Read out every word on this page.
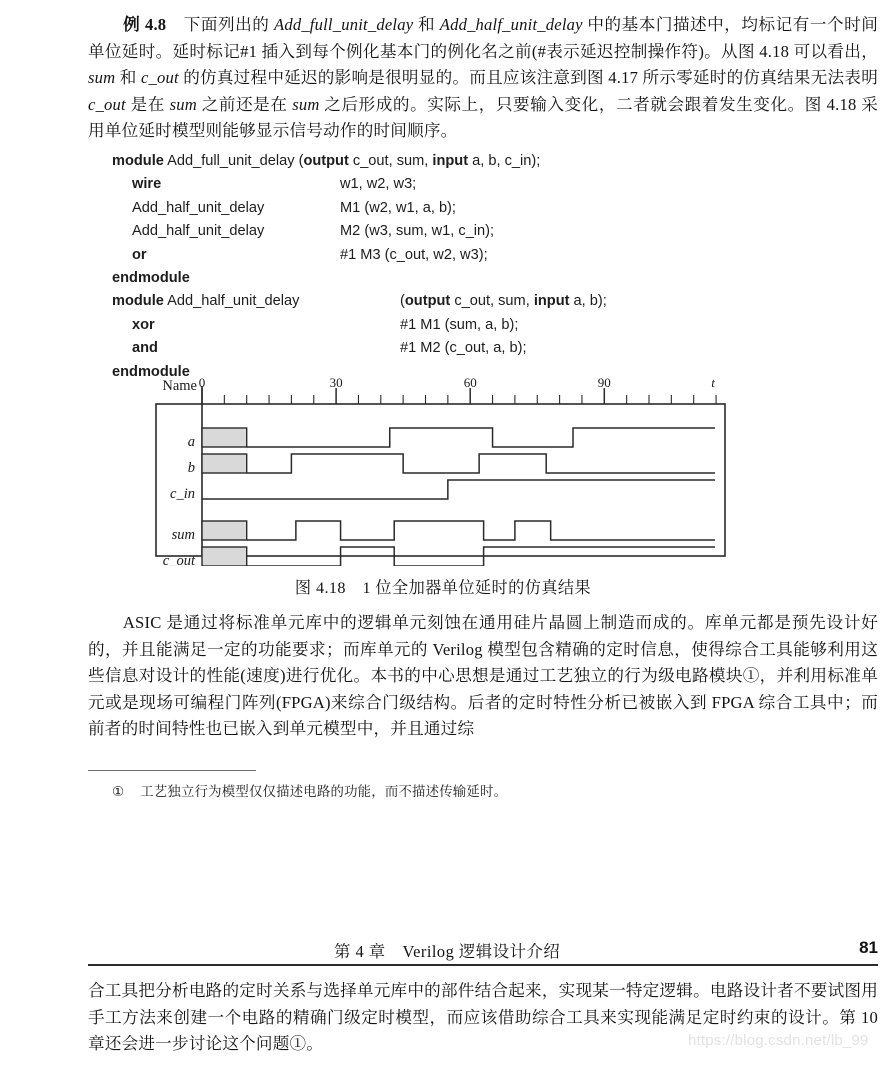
例 4.8　下面列出的 Add_full_unit_delay 和 Add_half_unit_delay 中的基本门描述中，均标记有一个时间单位延时。延时标记#1 插入到每个例化基本门的例化名之前(#表示延迟控制操作符)。从图 4.18 可以看出，sum 和 c_out 的仿真过程中延迟的影响是很明显的。而且应该注意到图 4.17 所示零延时的仿真结果无法表明 c_out 是在 sum 之前还是在 sum 之后形成的。实际上，只要输入变化，二者就会跟着发生变化。图 4.18 采用单位延时模型则能够显示信号动作的时间顺序。
module Add_full_unit_delay (output c_out, sum, input a, b, c_in);
wire	w1, w2, w3;
Add_half_unit_delay	M1 (w2, w1, a, b);
Add_half_unit_delay	M2 (w3, sum, w1, c_in);
or	#1 M3 (c_out, w2, w3);
endmodule
module Add_half_unit_delay	(output c_out, sum, input a, b);
xor	#1 M1 (sum, a, b);
and	#1 M2 (c_out, a, b);
endmodule
0	30	60	90	t
Name
a
b
c_in
sum
c_out
图 4.18　1 位全加器单位延时的仿真结果
ASIC 是通过将标准单元库中的逻辑单元刻蚀在通用硅片晶圆上制造而成的。库单元都是预先设计好的，并且能满足一定的功能要求；而库单元的 Verilog 模型包含精确的定时信息，使得综合工具能够利用这些信息对设计的性能(速度)进行优化。本书的中心思想是通过工艺独立的行为级电路模块①，并利用标准单元或是现场可编程门阵列(FPGA)来综合门级结构。后者的定时特性分析已被嵌入到 FPGA 综合工具中；而前者的时间特性也已嵌入到单元模型中，并且通过综
① 工艺独立行为模型仅仅描述电路的功能，而不描述传输延时。
第 4 章　Verilog 逻辑设计介绍	81
合工具把分析电路的定时关系与选择单元库中的部件结合起来，实现某一特定逻辑。电路设计者不要试图用手工方法来创建一个电路的精确门级定时模型，而应该借助综合工具来实现能满足定时约束的设计。第 10 章还会进一步讨论这个问题①。	https://blog.csdn.net/lb_99
